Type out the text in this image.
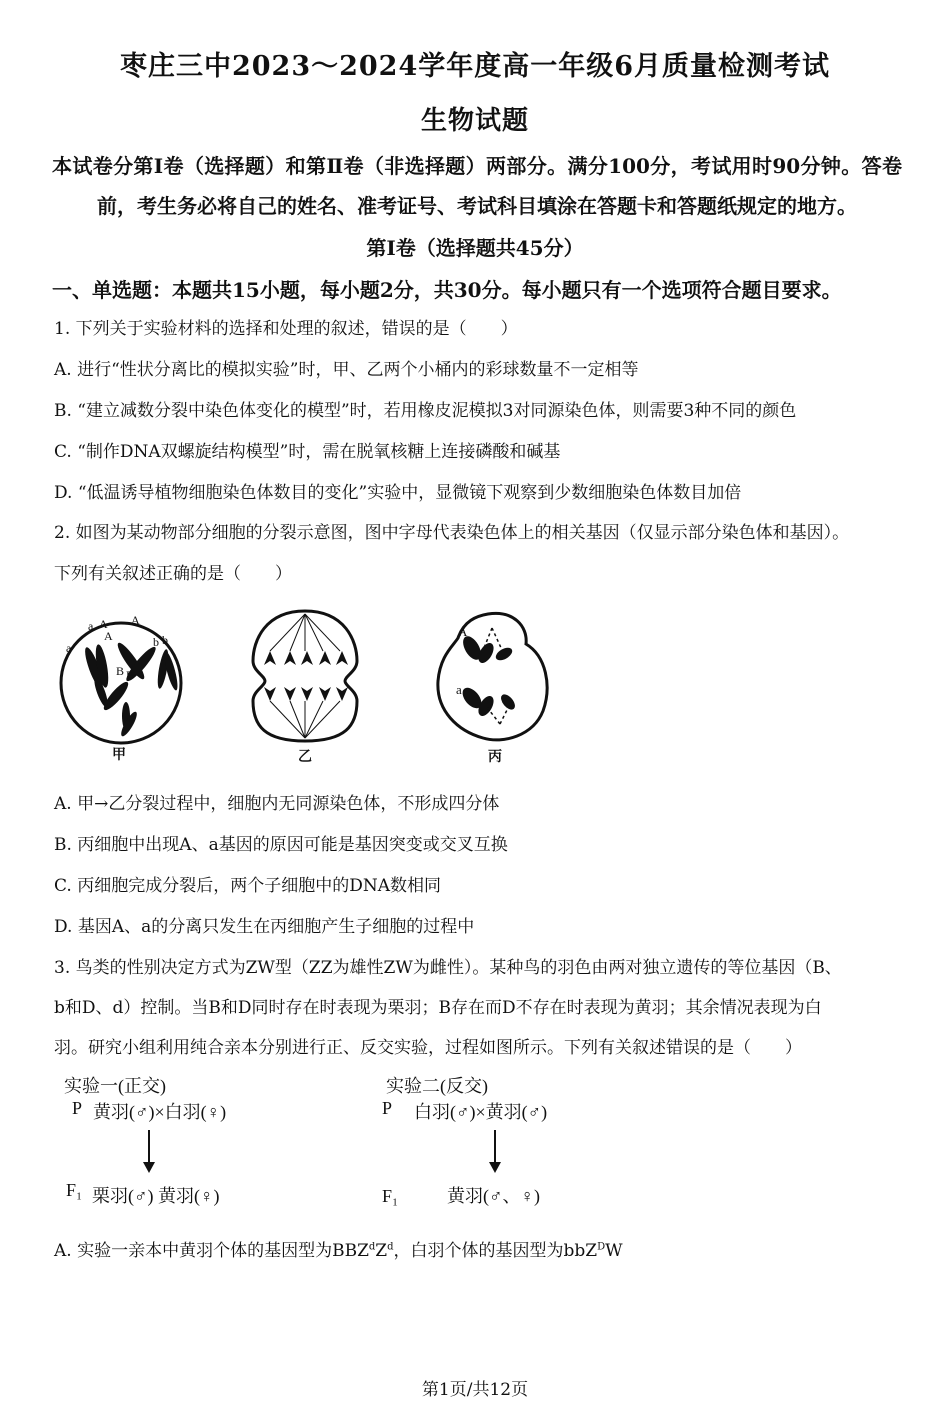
枣庄三中2023～2024学年度高一年级6月质量检测考试
生物试题
本试卷分第Ⅰ卷（选择题）和第Ⅱ卷（非选择题）两部分。满分100分，考试用时90分钟。答卷前，考生务必将自己的姓名、准考证号、考试科目填涂在答题卡和答题纸规定的地方。
第Ⅰ卷（选择题共45分）
一、单选题：本题共15小题，每小题2分，共30分。每小题只有一个选项符合题目要求。
1. 下列关于实验材料的选择和处理的叙述，错误的是（　　）
A. 进行“性状分离比的模拟实验”时，甲、乙两个小桶内的彩球数量不一定相等
B. “建立减数分裂中染色体变化的模型”时，若用橡皮泥模拟3对同源染色体，则需要3种不同的颜色
C. “制作DNA双螺旋结构模型”时，需在脱氧核糖上连接磷酸和碱基
D. “低温诱导植物细胞染色体数目的变化”实验中，显微镜下观察到少数细胞染色体数目加倍
2. 如图为某动物部分细胞的分裂示意图，图中字母代表染色体上的相关基因（仅显示部分染色体和基因）。
下列有关叙述正确的是（　　）
a A
a
A
A
b b
B B
A
a
甲	乙	丙
A. 甲→乙分裂过程中，细胞内无同源染色体，不形成四分体
B. 丙细胞中出现A、a基因的原因可能是基因突变或交叉互换
C. 丙细胞完成分裂后，两个子细胞中的DNA数相同
D. 基因A、a的分离只发生在丙细胞产生子细胞的过程中
3. 鸟类的性别决定方式为ZW型（ZZ为雄性ZW为雌性）。某种鸟的羽色由两对独立遗传的等位基因（B、
b和D、d）控制。当B和D同时存在时表现为栗羽；B存在而D不存在时表现为黄羽；其余情况表现为白
羽。研究小组利用纯合亲本分别进行正、反交实验，过程如图所示。下列有关叙述错误的是（　　）
实验一(正交)
P 黄羽(♂)×白羽(♀)
F₁ 栗羽(♂) 黄羽(♀)
实验二(反交)
P 白羽(♂)×黄羽(♂)
F₁	黄羽(♂、♀)
A. 实验一亲本中黄羽个体的基因型为$BBZ^dZ^d$，白羽个体的基因型为bbZ$^D$W
第1页/共12页
